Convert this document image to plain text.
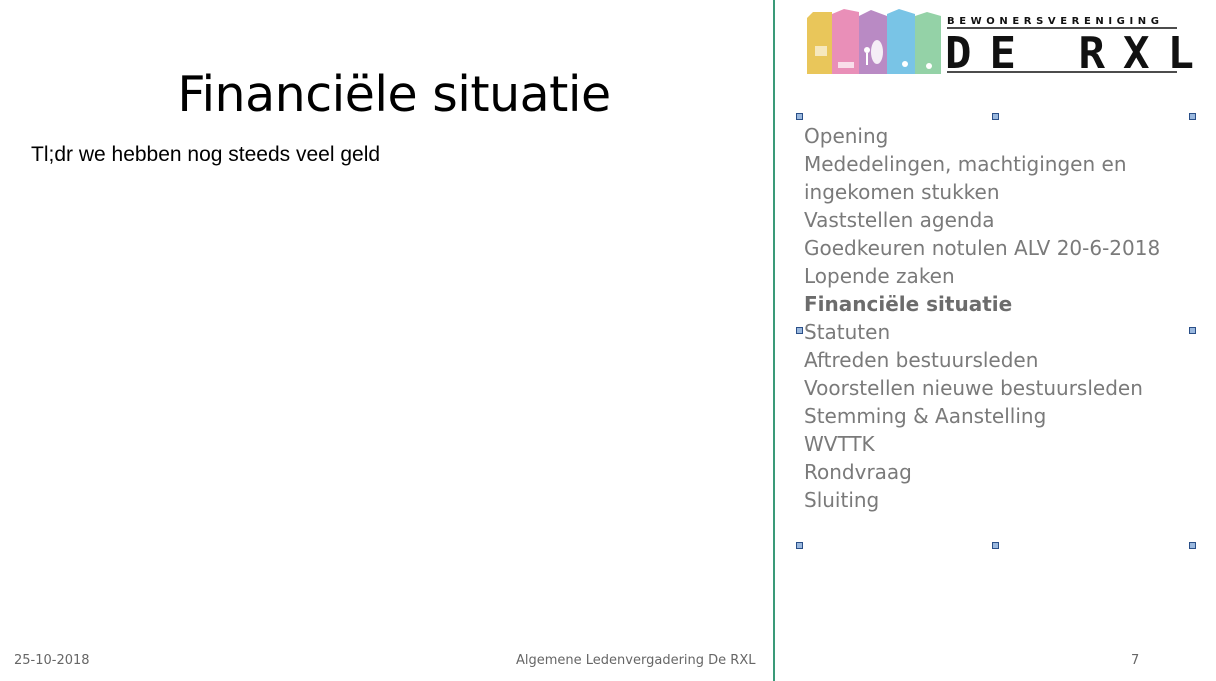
Financiële situatie
Tl;dr we hebben nog steeds veel geld
25-10-2018	Algemene Ledenvergadering De RXL	7
BEWONERSVERENIGING
DE RXL
Opening
Mededelingen, machtigingen en ingekomen stukken
Vaststellen agenda
Goedkeuren notulen ALV 20-6-2018
Lopende zaken
Financiële situatie
Statuten
Aftreden bestuursleden
Voorstellen nieuwe bestuursleden
Stemming & Aanstelling
WVTTK
Rondvraag
Sluiting
